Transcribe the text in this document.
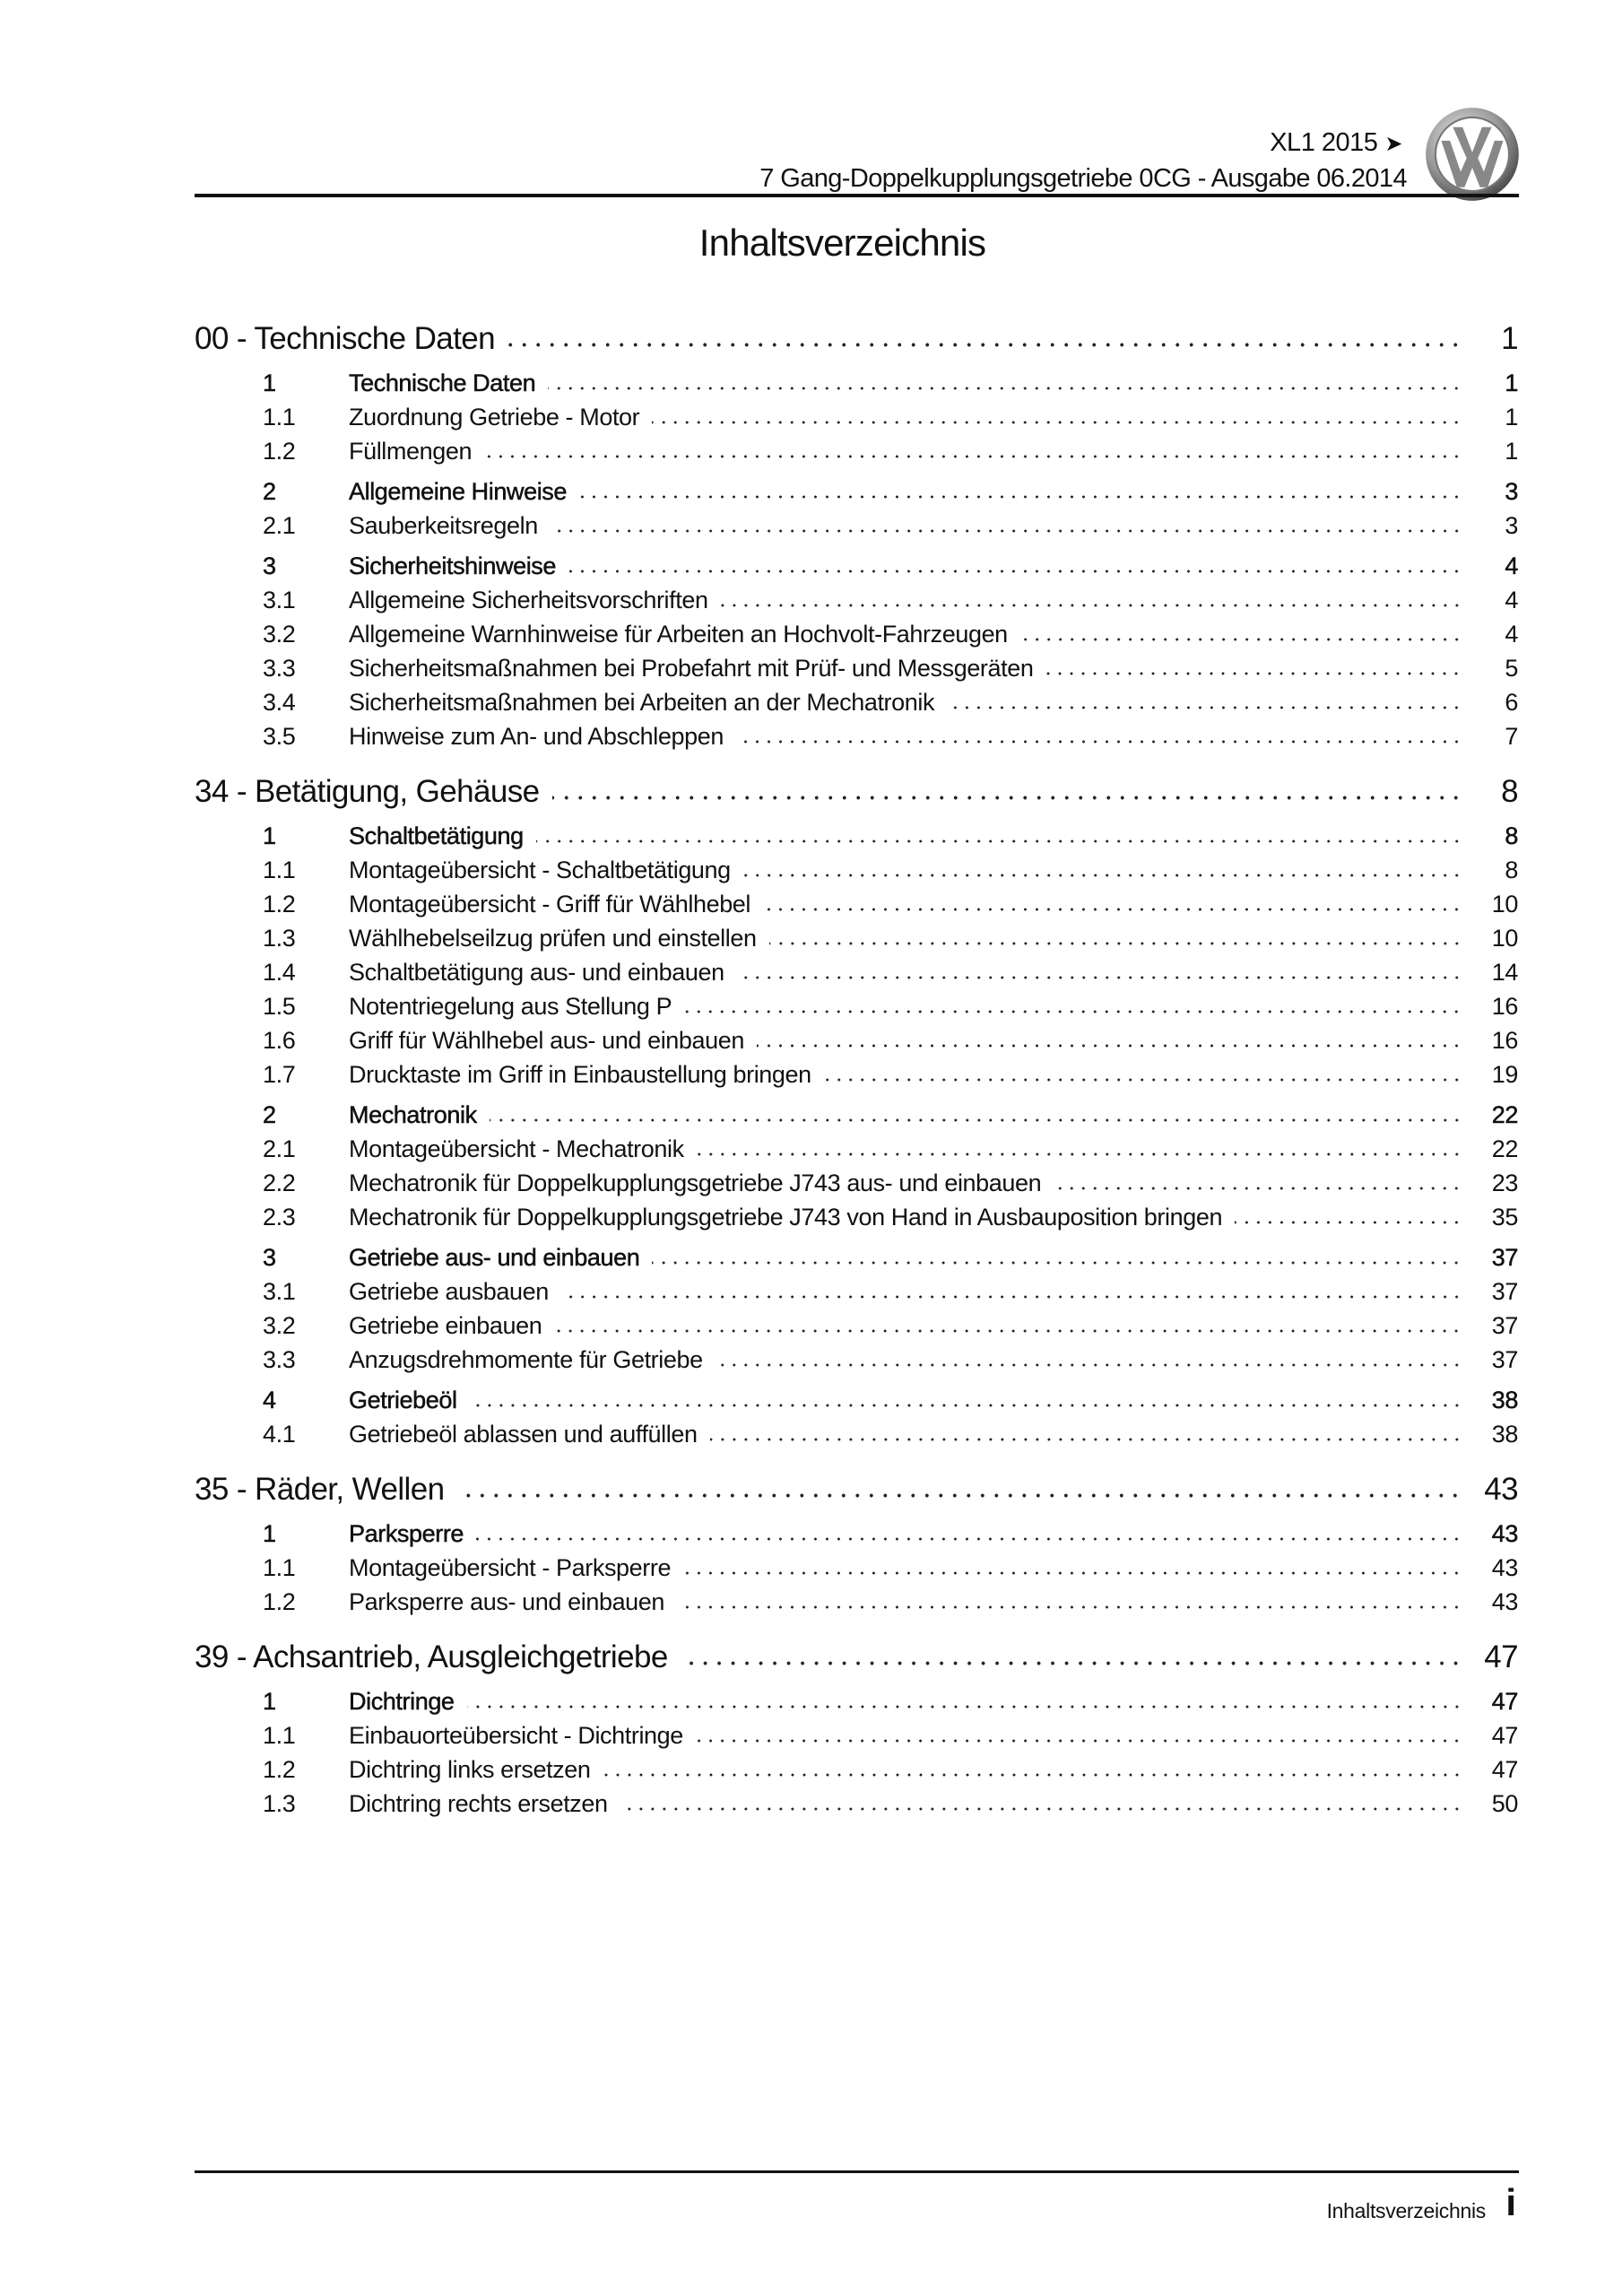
XL1 2015 ➤
7 Gang-Doppelkupplungsgetriebe 0CG - Ausgabe 06.2014
Inhaltsverzeichnis
00 - Technische Daten	1
1	Technische Daten	1
1.1	Zuordnung Getriebe - Motor	1
1.2	Füllmengen	1
2	Allgemeine Hinweise	3
2.1	Sauberkeitsregeln	3
3	Sicherheitshinweise	4
3.1	Allgemeine Sicherheitsvorschriften	4
3.2	Allgemeine Warnhinweise für Arbeiten an Hochvolt-Fahrzeugen	4
3.3	Sicherheitsmaßnahmen bei Probefahrt mit Prüf- und Messgeräten	5
3.4	Sicherheitsmaßnahmen bei Arbeiten an der Mechatronik	6
3.5	Hinweise zum An- und Abschleppen	7
34 - Betätigung, Gehäuse	8
1	Schaltbetätigung	8
1.1	Montageübersicht - Schaltbetätigung	8
1.2	Montageübersicht - Griff für Wählhebel	10
1.3	Wählhebelseilzug prüfen und einstellen	10
1.4	Schaltbetätigung aus- und einbauen	14
1.5	Notentriegelung aus Stellung P	16
1.6	Griff für Wählhebel aus- und einbauen	16
1.7	Drucktaste im Griff in Einbaustellung bringen	19
2	Mechatronik	22
2.1	Montageübersicht - Mechatronik	22
2.2	Mechatronik für Doppelkupplungsgetriebe J743 aus- und einbauen	23
2.3	Mechatronik für Doppelkupplungsgetriebe J743 von Hand in Ausbauposition bringen	35
3	Getriebe aus- und einbauen	37
3.1	Getriebe ausbauen	37
3.2	Getriebe einbauen	37
3.3	Anzugsdrehmomente für Getriebe	37
4	Getriebeöl	38
4.1	Getriebeöl ablassen und auffüllen	38
35 - Räder, Wellen	43
1	Parksperre	43
1.1	Montageübersicht - Parksperre	43
1.2	Parksperre aus- und einbauen	43
39 - Achsantrieb, Ausgleichgetriebe	47
1	Dichtringe	47
1.1	Einbauorteübersicht - Dichtringe	47
1.2	Dichtring links ersetzen	47
1.3	Dichtring rechts ersetzen	50
Inhaltsverzeichnis i
